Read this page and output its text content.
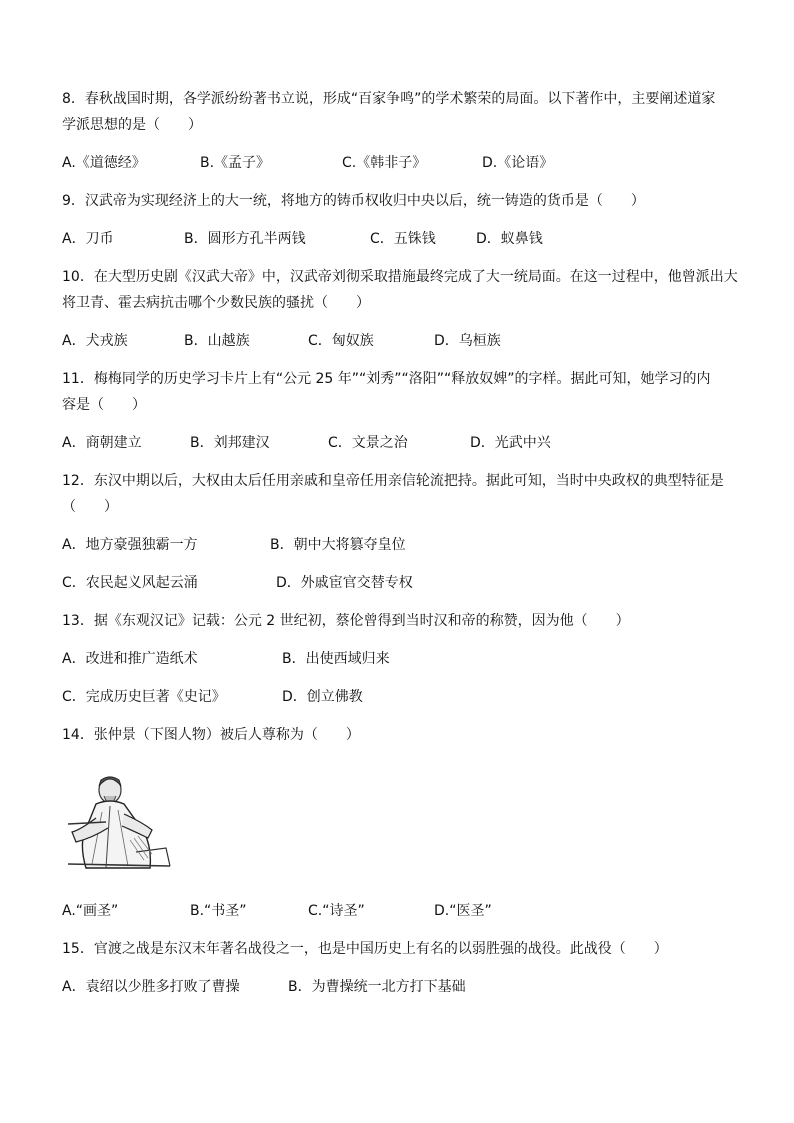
8．春秋战国时期，各学派纷纷著书立说，形成“百家争鸣”的学术繁荣的局面。以下著作中，主要阐述道家
学派思想的是（　　）
A.《道德经》	B.《孟子》	C.《韩非子》	D.《论语》
9．汉武帝为实现经济上的大一统，将地方的铸币权收归中央以后，统一铸造的货币是（　　）
A．刀币	B．圆形方孔半两钱	C．五铢钱	D．蚁鼻钱
10．在大型历史剧《汉武大帝》中，汉武帝刘彻采取措施最终完成了大一统局面。在这一过程中，他曾派出大
将卫青、霍去病抗击哪个少数民族的骚扰（　　）
A．犬戎族	B．山越族	C．匈奴族	D．乌桓族
11．梅梅同学的历史学习卡片上有“公元 25 年”“刘秀”“洛阳”“释放奴婢”的字样。据此可知，她学习的内
容是（　　）
A．商朝建立	B．刘邦建汉	C．文景之治	D．光武中兴
12．东汉中期以后，大权由太后任用亲戚和皇帝任用亲信轮流把持。据此可知，当时中央政权的典型特征是
（　　）
A．地方豪强独霸一方	B．朝中大将篡夺皇位
C．农民起义风起云涌	D．外戚宦官交替专权
13．据《东观汉记》记载：公元 2 世纪初，蔡伦曾得到当时汉和帝的称赞，因为他（　　）
A．改进和推广造纸术	B．出使西域归来
C．完成历史巨著《史记》	D．创立佛教
14．张仲景（下图人物）被后人尊称为（　　）
A.“画圣”	B.“书圣”	C.“诗圣”	D.“医圣”
15．官渡之战是东汉末年著名战役之一，也是中国历史上有名的以弱胜强的战役。此战役（　　）
A．袁绍以少胜多打败了曹操	B．为曹操统一北方打下基础
